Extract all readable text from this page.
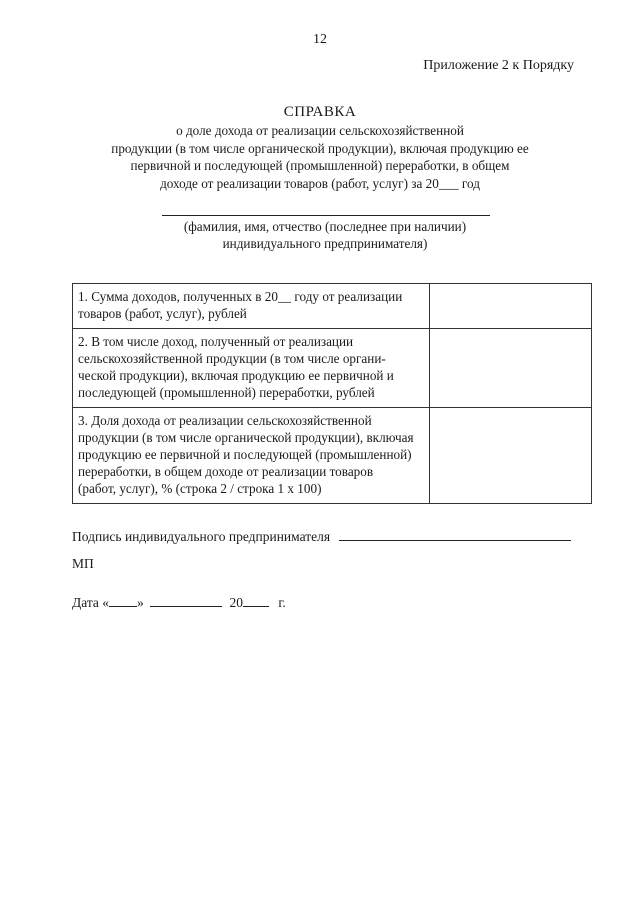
12
Приложение 2 к Порядку
СПРАВКА
о доле дохода от реализации сельскохозяйственной
продукции (в том числе органической продукции), включая продукцию ее
первичной и последующей (промышленной) переработки, в общем
доходе от реализации товаров (работ, услуг) за 20___ год
(фамилия, имя, отчество (последнее при наличии)
индивидуального предпринимателя)
1. Сумма доходов, полученных в 20__ году от реализации
товаров (работ, услуг), рублей	

2. В том числе доход, полученный от реализации
сельскохозяйственной продукции (в том числе органи-
ческой продукции), включая продукцию ее первичной и
последующей (промышленной) переработки, рублей	

3. Доля дохода от реализации сельскохозяйственной
продукции (в том числе органической продукции), включая
продукцию ее первичной и последующей (промышленной)
переработки, в общем доходе от реализации товаров
(работ, услуг), % (строка 2 / строка 1 х 100)	

Подпись индивидуального предпринимателя
МП
Дата « »	20	г.
